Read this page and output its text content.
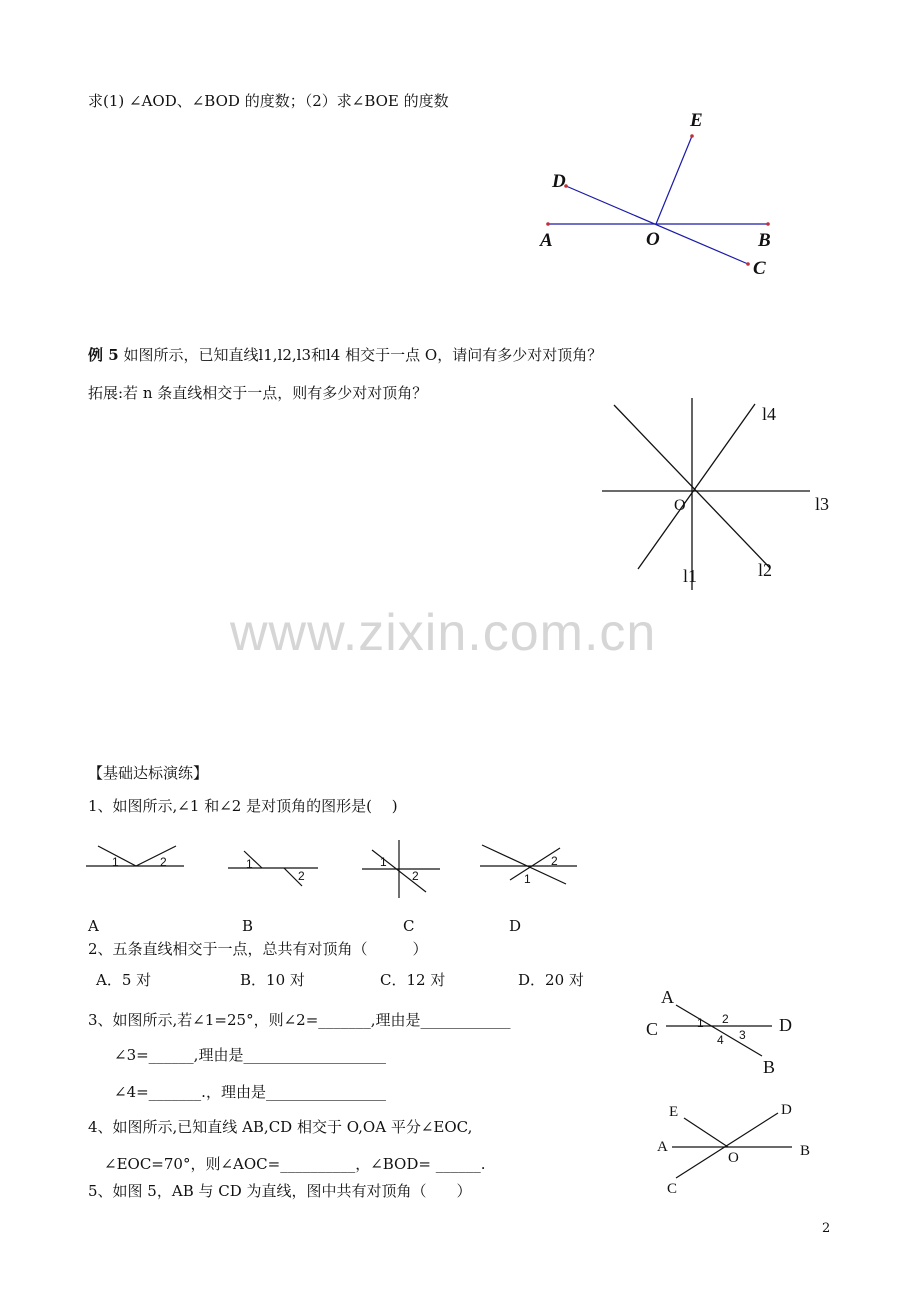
求(1) ∠AOD、∠BOD 的度数；（2）求∠BOE 的度数
E
D
A	O	B
C
例 5 如图所示，已知直线l1,l2,l3和l4 相交于一点 O，请问有多少对对顶角？
拓展:若 n 条直线相交于一点，则有多少对对顶角？
l4
l3
O
l2
l1
www.zixin.com.cn
【基础达标演练】
1、如图所示,∠1 和∠2 是对顶角的图形是(　 )
1	2	1
2
1
2
2
1
A	B	C	D
2、五条直线相交于一点，总共有对顶角（　　　）
A．5 对	B．10 对	C．12 对	D．20 对
3、如图所示,若∠1=25°，则∠2=_______,理由是____________
∠3=______,理由是___________________
∠4=_______.，理由是________________
A
C	D
B
1 2
3
4
4、如图所示,已知直线 AB,CD 相交于 O,OA 平分∠EOC,
∠EOC=70°，则∠AOC=__________，∠BOD= ______.
E	D
A
O	B
C
5、如图 5，AB 与 CD 为直线，图中共有对顶角（　　）
2
